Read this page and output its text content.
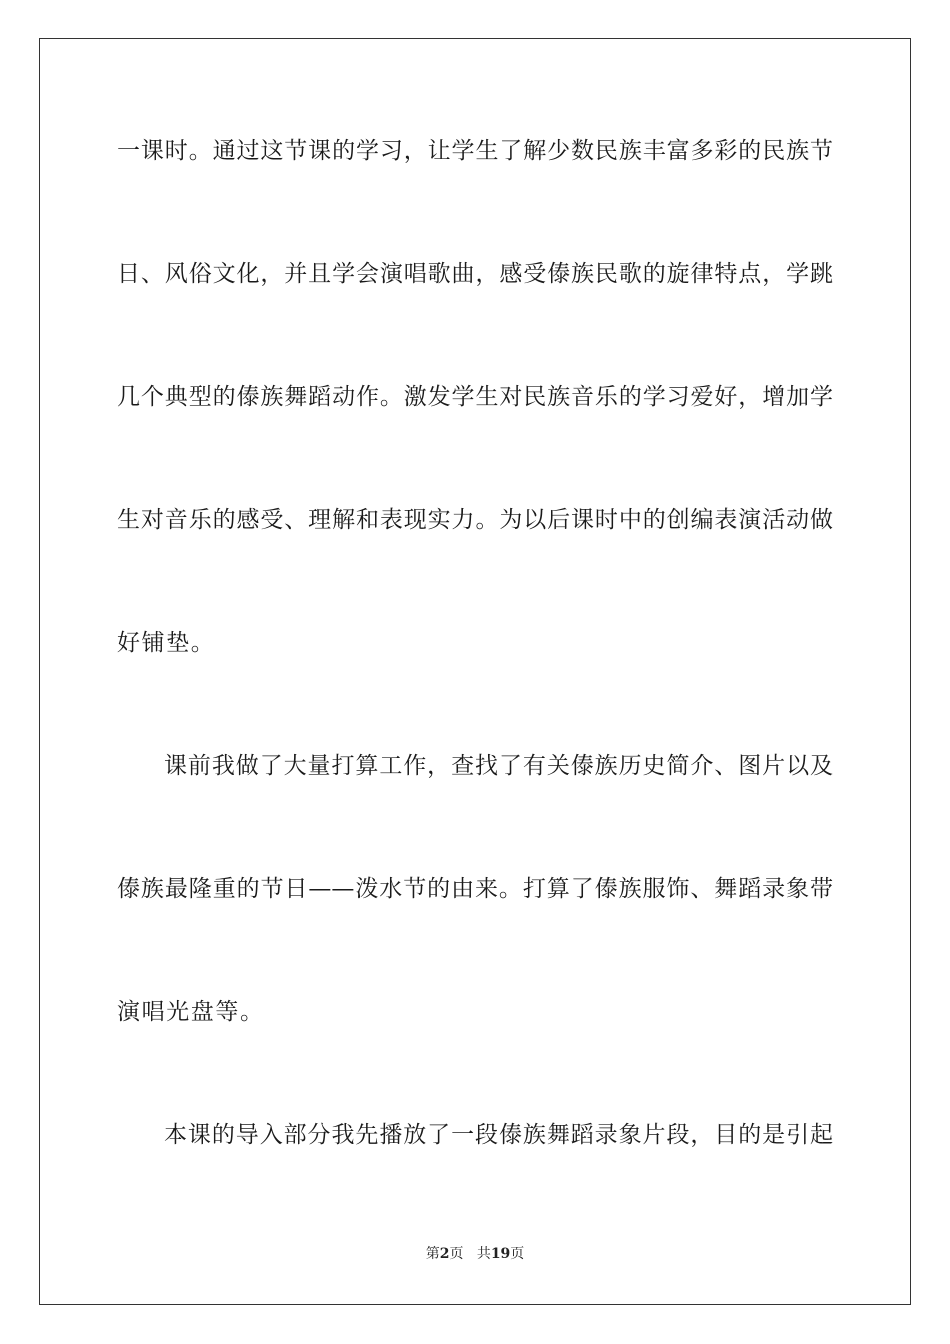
一课时。通过这节课的学习，让学生了解少数民族丰富多彩的民族节
日、风俗文化，并且学会演唱歌曲，感受傣族民歌的旋律特点，学跳
几个典型的傣族舞蹈动作。激发学生对民族音乐的学习爱好，增加学
生对音乐的感受、理解和表现实力。为以后课时中的创编表演活动做
好铺垫。
课前我做了大量打算工作，查找了有关傣族历史简介、图片以及
傣族最隆重的节日——泼水节的由来。打算了傣族服饰、舞蹈录象带
演唱光盘等。
本课的导入部分我先播放了一段傣族舞蹈录象片段，目的是引起
第2页 共19页
